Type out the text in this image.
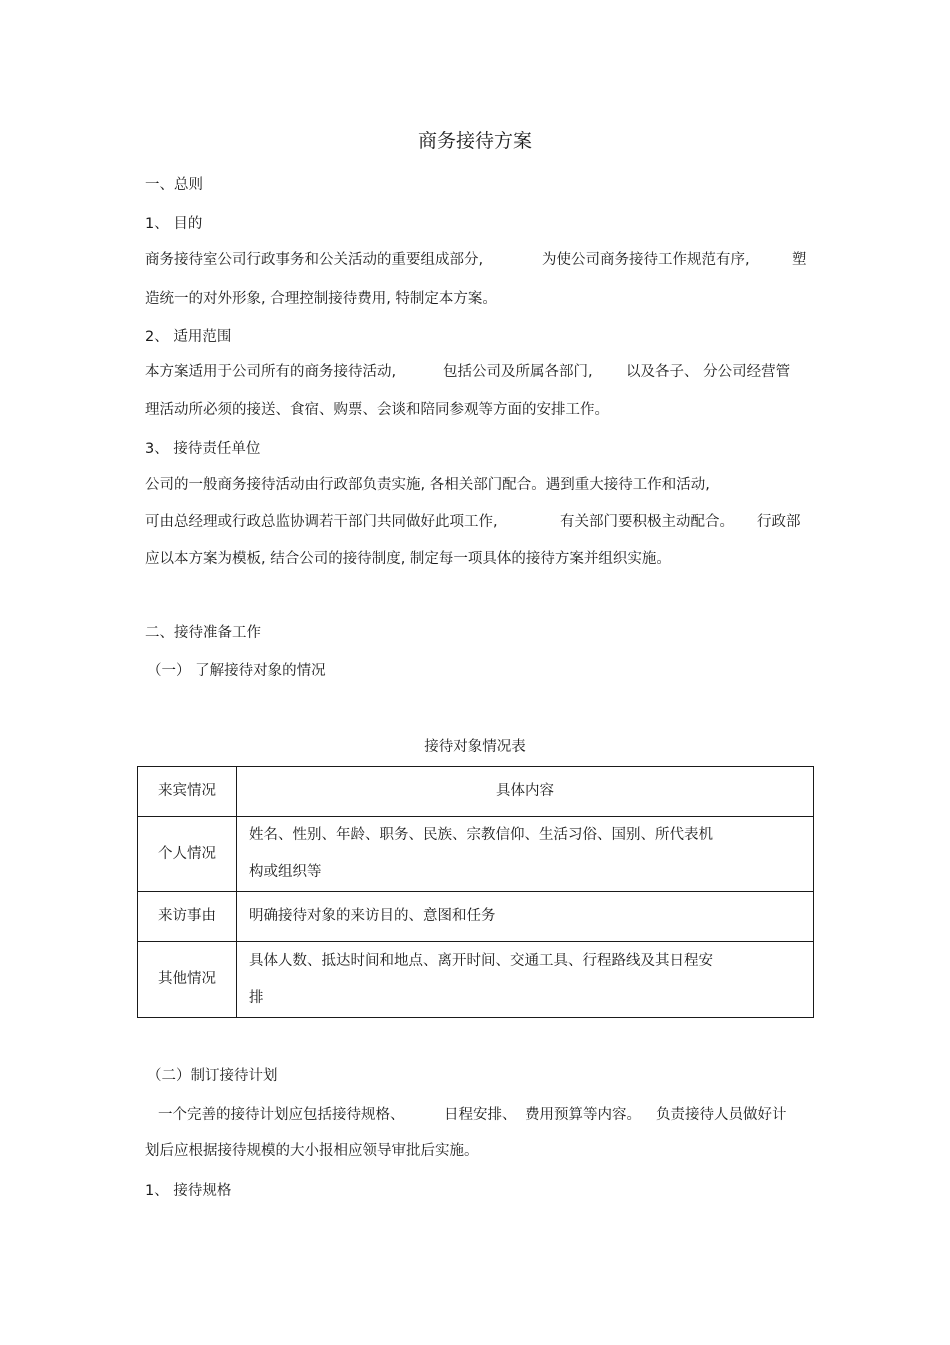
商务接待方案
一、总则
1、 目的
商务接待室公司行政事务和公关活动的重要组成部分,	为使公司商务接待工作规范有序,	塑
造统一的对外形象, 合理控制接待费用, 特制定本方案。
2、 适用范围
本方案适用于公司所有的商务接待活动,	包括公司及所属各部门, 以及各子、 分公司经营管
理活动所必须的接送、食宿、购票、会谈和陪同参观等方面的安排工作。
3、 接待责任单位
公司的一般商务接待活动由行政部负责实施, 各相关部门配合。遇到重大接待工作和活动,
可由总经理或行政总监协调若干部门共同做好此项工作,	有关部门要积极主动配合。 行政部
应以本方案为模板, 结合公司的接待制度, 制定每一项具体的接待方案并组织实施。
二、接待准备工作
（一） 了解接待对象的情况
接待对象情况表
来宾情况	具体内容
个人情况	姓名、性别、年龄、职务、民族、宗教信仰、生活习俗、国别、所代表机
构或组织等

来访事由	明确接待对象的来访目的、意图和任务
其他情况	具体人数、抵达时间和地点、离开时间、交通工具、行程路线及其日程安
排
（二）制订接待计划
一个完善的接待计划应包括接待规格、	日程安排、 费用预算等内容。 负责接待人员做好计
划后应根据接待规模的大小报相应领导审批后实施。
1、 接待规格
